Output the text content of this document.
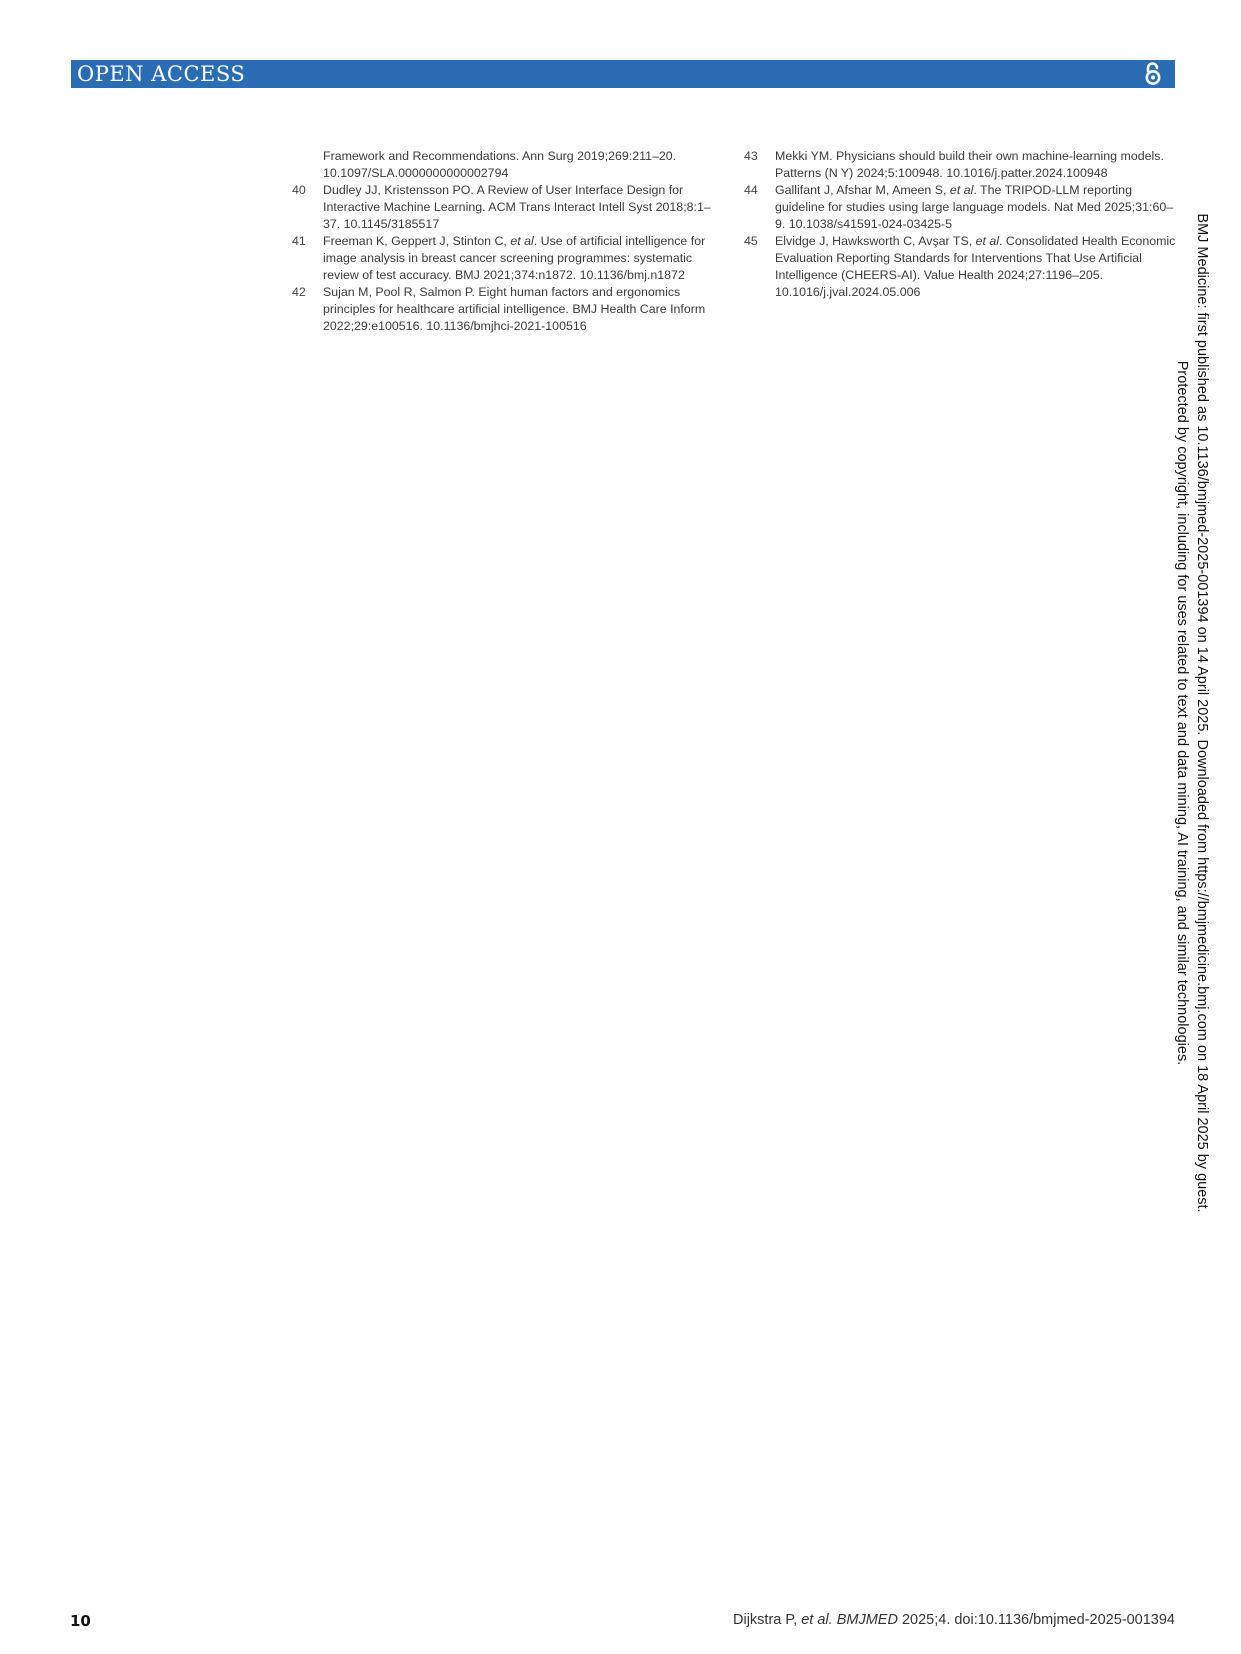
OPEN ACCESS

Framework and Recommendations. Ann Surg 2019;269:211–20. 10.1097/SLA.0000000000002794

40	Dudley JJ, Kristensson PO. A Review of User Interface Design for Interactive Machine Learning. ACM Trans Interact Intell Syst 2018;8:1–37. 10.1145/3185517

41	Freeman K, Geppert J, Stinton C, et al. Use of artificial intelligence for image analysis in breast cancer screening programmes: systematic review of test accuracy. BMJ 2021;374:n1872. 10.1136/bmj.n1872

42	Sujan M, Pool R, Salmon P. Eight human factors and ergonomics principles for healthcare artificial intelligence. BMJ Health Care Inform 2022;29:e100516. 10.1136/bmjhci-2021-100516

43	Mekki YM. Physicians should build their own machine-learning models. Patterns (N Y) 2024;5:100948. 10.1016/j.patter.2024.100948

44	Gallifant J, Afshar M, Ameen S, et al. The TRIPOD-LLM reporting guideline for studies using large language models. Nat Med 2025;31:60–9. 10.1038/s41591-024-03425-5

45	Elvidge J, Hawksworth C, Avşar TS, et al. Consolidated Health Economic Evaluation Reporting Standards for Interventions That Use Artificial Intelligence (CHEERS-AI). Value Health 2024;27:1196–205. 10.1016/j.jval.2024.05.006	BMJ Medicine: first published as 10.1136/bmjmed-2025-001394 on 14 April 2025. Downloaded from https://bmjmedicine.bmj.com on 18 April 2025 by guest.
Protected by copyright, including for uses related to text and data mining, AI training, and similar technologies.
10	Dijkstra P, et al. BMJMED 2025;4. doi:10.1136/bmjmed-2025-001394
